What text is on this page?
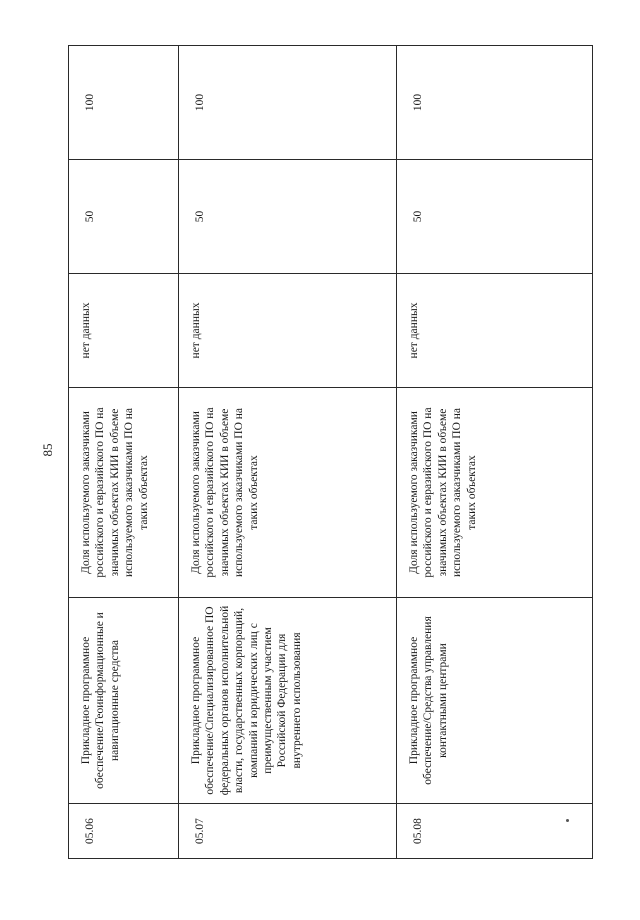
85
05.06	Прикладное программное обеспечение/Геоинформационные и навигационные средства	Доля используемого заказчиками российского и евразийского ПО на значимых объектах КИИ в объеме используемого заказчиками ПО на таких объектах	нет данных	50	100
05.07	Прикладное программное обеспечение/Специализированное ПО федеральных органов исполнительной власти, государственных корпораций, компаний и юридических лиц с преимущественным участием Российской Федерации для внутреннего использования	Доля используемого заказчиками российского и евразийского ПО на значимых объектах КИИ в объеме используемого заказчиками ПО на таких объектах	нет данных	50	100
05.08	Прикладное программное обеспечение/Средства управления контактными центрами	Доля используемого заказчиками российского и евразийского ПО на значимых объектах КИИ в объеме используемого заказчиками ПО на таких объектах	нет данных	50	100
